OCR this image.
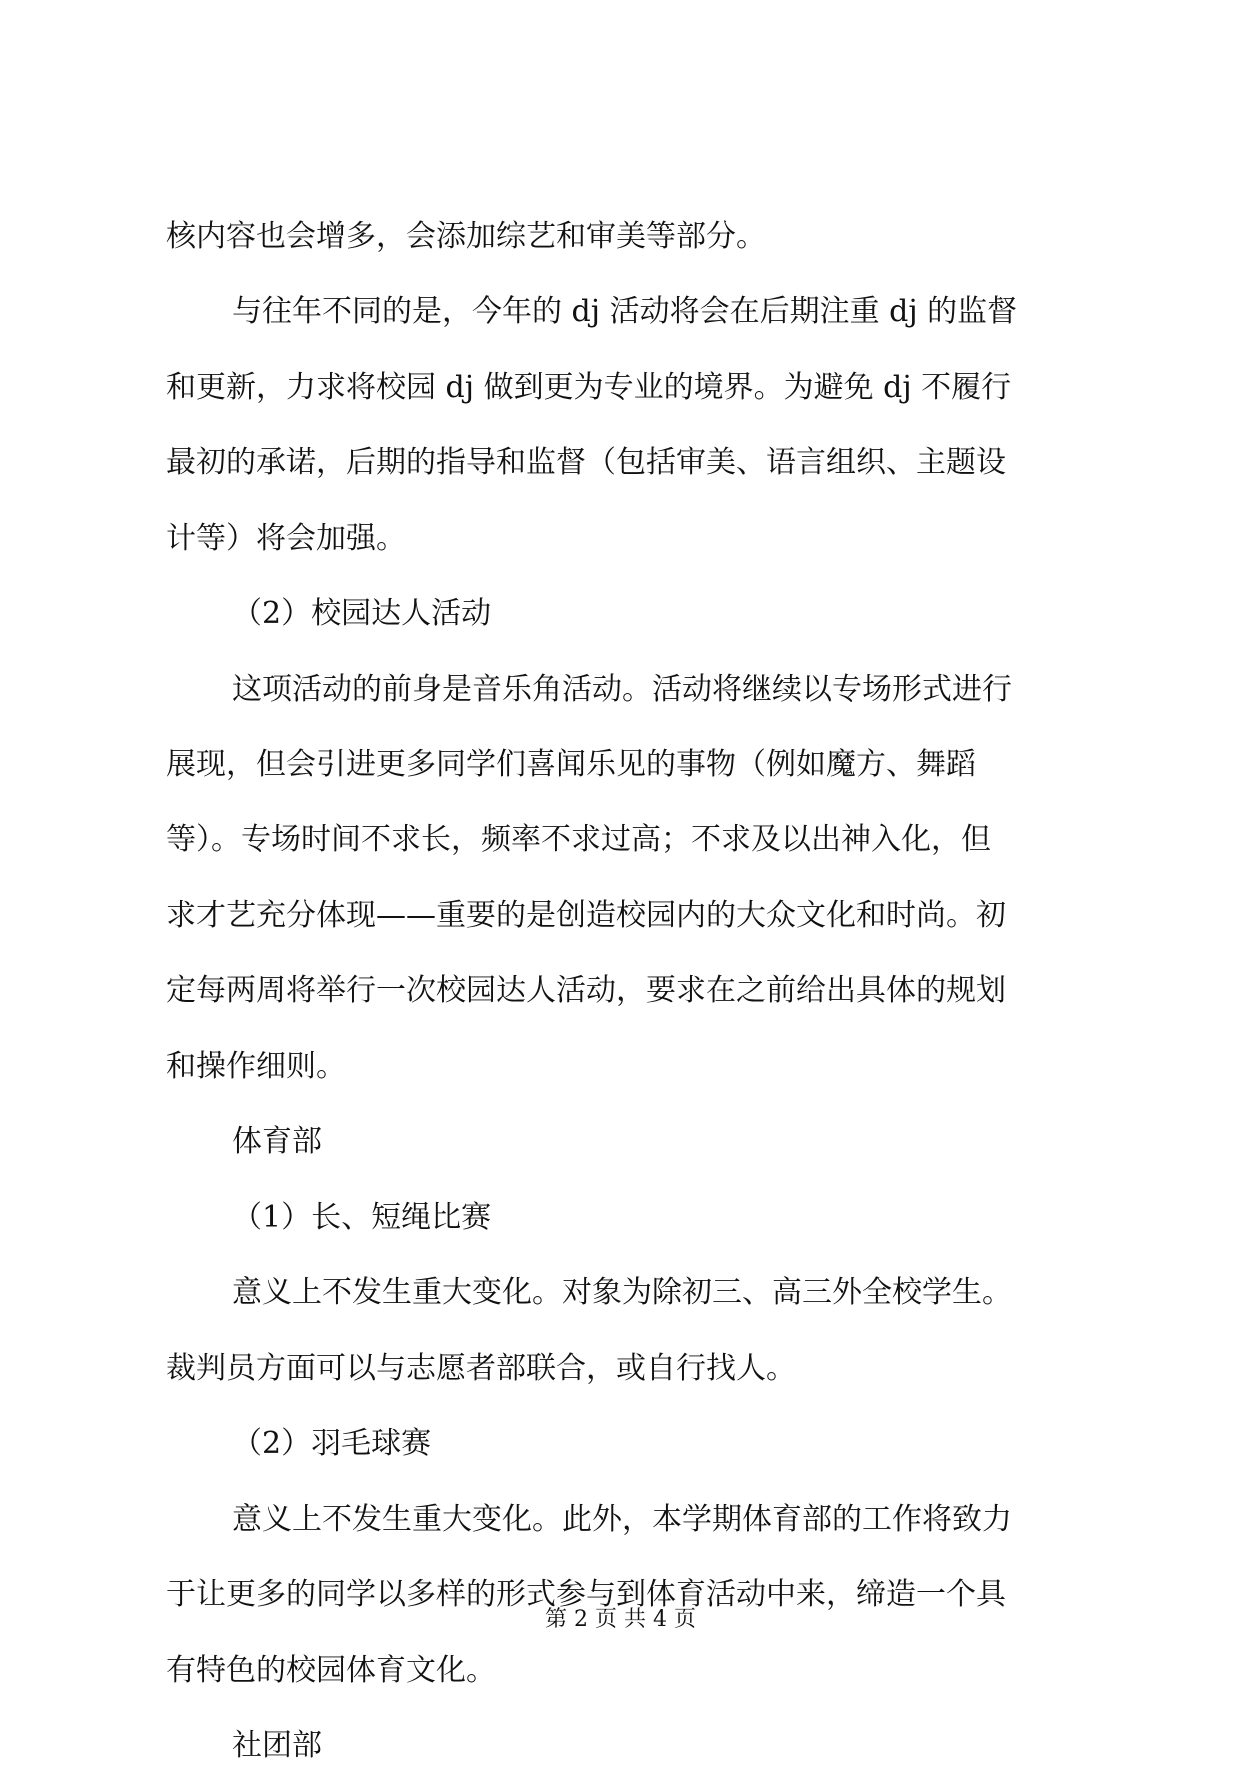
核内容也会增多，会添加综艺和审美等部分。

与往年不同的是，今年的 dj 活动将会在后期注重 dj 的监督

和更新，力求将校园 dj 做到更为专业的境界。为避免 dj 不履行

最初的承诺，后期的指导和监督（包括审美、语言组织、主题设

计等）将会加强。

（2）校园达人活动

这项活动的前身是音乐角活动。活动将继续以专场形式进行

展现，但会引进更多同学们喜闻乐见的事物（例如魔方、舞蹈

等）。专场时间不求长，频率不求过高；不求及以出神入化，但

求才艺充分体现——重要的是创造校园内的大众文化和时尚。初

定每两周将举行一次校园达人活动，要求在之前给出具体的规划

和操作细则。

体育部

（1）长、短绳比赛

意义上不发生重大变化。对象为除初三、高三外全校学生。

裁判员方面可以与志愿者部联合，或自行找人。

（2）羽毛球赛

意义上不发生重大变化。此外，本学期体育部的工作将致力

于让更多的同学以多样的形式参与到体育活动中来，缔造一个具

有特色的校园体育文化。

社团部

第 2 页 共 4 页
